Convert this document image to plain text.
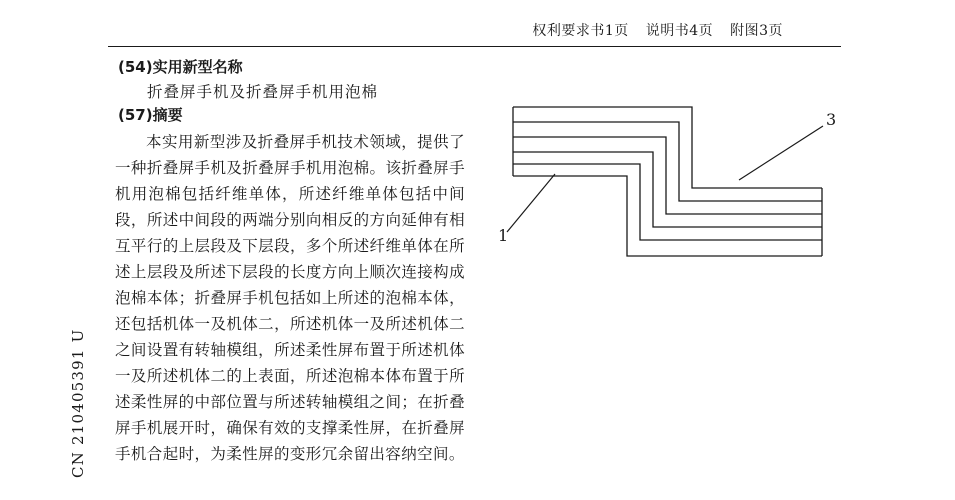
权利要求书1页 说明书4页 附图3页
(54)实用新型名称
折叠屏手机及折叠屏手机用泡棉
(57)摘要
本实用新型涉及折叠屏手机技术领域，提供了一种折叠屏手机及折叠屏手机用泡棉。该折叠屏手机用泡棉包括纤维单体，所述纤维单体包括中间段，所述中间段的两端分别向相反的方向延伸有相互平行的上层段及下层段，多个所述纤维单体在所述上层段及所述下层段的长度方向上顺次连接构成泡棉本体；折叠屏手机包括如上所述的泡棉本体，还包括机体一及机体二，所述机体一及所述机体二之间设置有转轴模组，所述柔性屏布置于所述机体一及所述机体二的上表面，所述泡棉本体布置于所述柔性屏的中部位置与所述转轴模组之间；在折叠屏手机展开时，确保有效的支撑柔性屏，在折叠屏手机合起时，为柔性屏的变形冗余留出容纳空间。
CN 210405391 U
1
3
